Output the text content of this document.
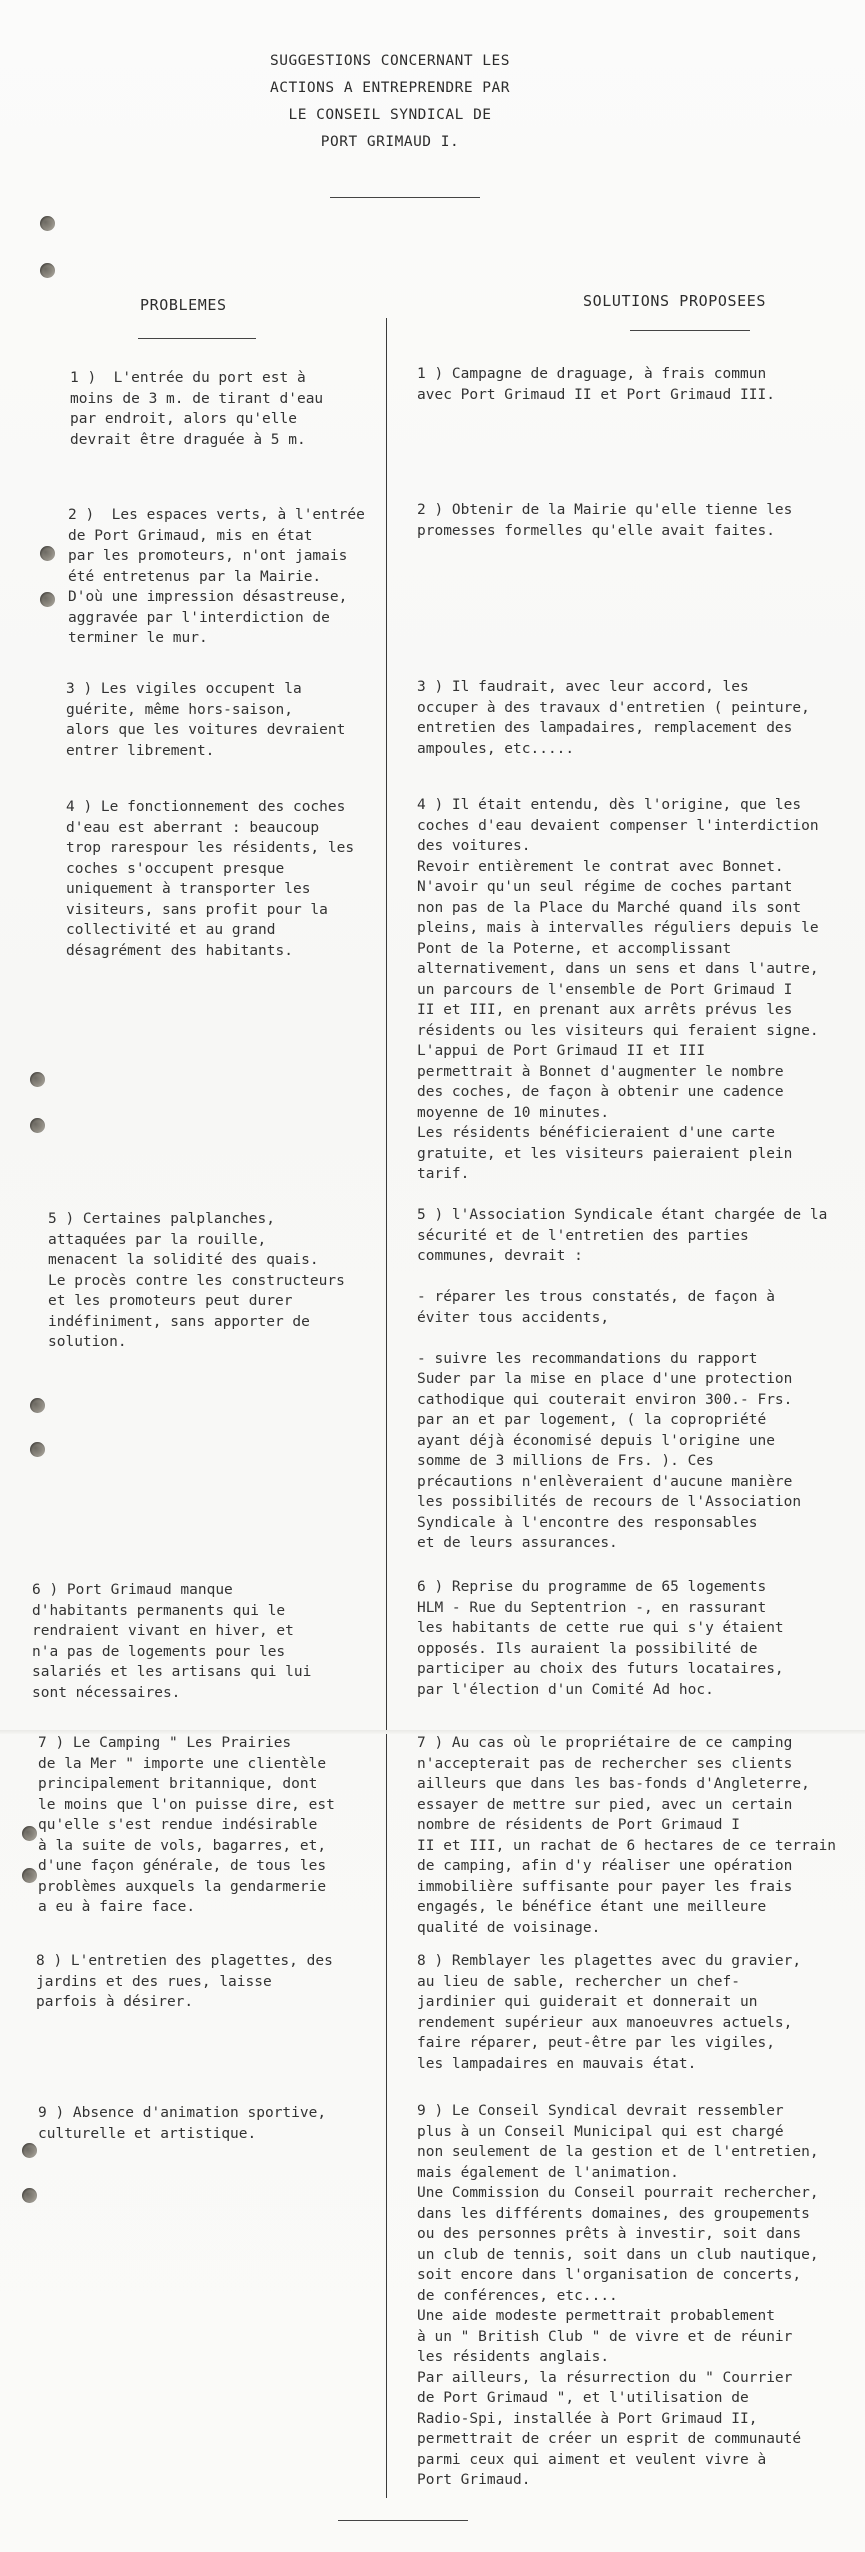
SUGGESTIONS CONCERNANT LES
ACTIONS A ENTREPRENDRE PAR
LE CONSEIL SYNDICAL DE
PORT GRIMAUD I.
PROBLEMES	SOLUTIONS PROPOSEES
1 )  L'entrée du port est à
moins de 3 m. de tirant d'eau
par endroit, alors qu'elle
devrait être draguée à 5 m.
1 ) Campagne de draguage, à frais commun
avec Port Grimaud II et Port Grimaud III.
2 )  Les espaces verts, à l'entrée
de Port Grimaud, mis en état
par les promoteurs, n'ont jamais
été entretenus par la Mairie.
D'où une impression désastreuse,
aggravée par l'interdiction de
terminer le mur.
2 ) Obtenir de la Mairie qu'elle tienne les
promesses formelles qu'elle avait faites.
3 ) Les vigiles occupent la
guérite, même hors-saison,
alors que les voitures devraient
entrer librement.
3 ) Il faudrait, avec leur accord, les
occuper à des travaux d'entretien ( peinture,
entretien des lampadaires, remplacement des
ampoules, etc.....
4 ) Le fonctionnement des coches
d'eau est aberrant : beaucoup
trop rarespour les résidents, les
coches s'occupent presque
uniquement à transporter les
visiteurs, sans profit pour la
collectivité et au grand
désagrément des habitants.
4 ) Il était entendu, dès l'origine, que les
coches d'eau devaient compenser l'interdiction
des voitures.
Revoir entièrement le contrat avec Bonnet.
N'avoir qu'un seul régime de coches partant
non pas de la Place du Marché quand ils sont
pleins, mais à intervalles réguliers depuis le
Pont de la Poterne, et accomplissant
alternativement, dans un sens et dans l'autre,
un parcours de l'ensemble de Port Grimaud I
II et III, en prenant aux arrêts prévus les
résidents ou les visiteurs qui feraient signe.
L'appui de Port Grimaud II et III
permettrait à Bonnet d'augmenter le nombre
des coches, de façon à obtenir une cadence
moyenne de 10 minutes.
Les résidents bénéficieraient d'une carte
gratuite, et les visiteurs paieraient plein
tarif.
5 ) Certaines palplanches,
attaquées par la rouille,
menacent la solidité des quais.
Le procès contre les constructeurs
et les promoteurs peut durer
indéfiniment, sans apporter de
solution.
5 ) l'Association Syndicale étant chargée de la
sécurité et de l'entretien des parties
communes, devrait :

- réparer les trous constatés, de façon à
éviter tous accidents,

- suivre les recommandations du rapport
Suder par la mise en place d'une protection
cathodique qui couterait environ 300.- Frs.
par an et par logement, ( la copropriété
ayant déjà économisé depuis l'origine une
somme de 3 millions de Frs. ). Ces
précautions n'enlèveraient d'aucune manière
les possibilités de recours de l'Association
Syndicale à l'encontre des responsables
et de leurs assurances.
6 ) Port Grimaud manque
d'habitants permanents qui le
rendraient vivant en hiver, et
n'a pas de logements pour les
salariés et les artisans qui lui
sont nécessaires.
6 ) Reprise du programme de 65 logements
HLM - Rue du Septentrion -, en rassurant
les habitants de cette rue qui s'y étaient
opposés. Ils auraient la possibilité de
participer au choix des futurs locataires,
par l'élection d'un Comité Ad hoc.
7 ) Le Camping " Les Prairies
de la Mer " importe une clientèle
principalement britannique, dont
le moins que l'on puisse dire, est
qu'elle s'est rendue indésirable
à la suite de vols, bagarres, et,
d'une façon générale, de tous les
problèmes auxquels la gendarmerie
a eu à faire face.
7 ) Au cas où le propriétaire de ce camping
n'accepterait pas de rechercher ses clients
ailleurs que dans les bas-fonds d'Angleterre,
essayer de mettre sur pied, avec un certain
nombre de résidents de Port Grimaud I
II et III, un rachat de 6 hectares de ce terrain
de camping, afin d'y réaliser une opération
immobilière suffisante pour payer les frais
engagés, le bénéfice étant une meilleure
qualité de voisinage.
8 ) L'entretien des plagettes, des
jardins et des rues, laisse
parfois à désirer.
8 ) Remblayer les plagettes avec du gravier,
au lieu de sable, rechercher un chef-
jardinier qui guiderait et donnerait un
rendement supérieur aux manoeuvres actuels,
faire réparer, peut-être par les vigiles,
les lampadaires en mauvais état.
9 ) Absence d'animation sportive,
culturelle et artistique.
9 ) Le Conseil Syndical devrait ressembler
plus à un Conseil Municipal qui est chargé
non seulement de la gestion et de l'entretien,
mais également de l'animation.
Une Commission du Conseil pourrait rechercher,
dans les différents domaines, des groupements
ou des personnes prêts à investir, soit dans
un club de tennis, soit dans un club nautique,
soit encore dans l'organisation de concerts,
de conférences, etc....
Une aide modeste permettrait probablement
à un " British Club " de vivre et de réunir
les résidents anglais.
Par ailleurs, la résurrection du " Courrier
de Port Grimaud ", et l'utilisation de
Radio-Spi, installée à Port Grimaud II,
permettrait de créer un esprit de communauté
parmi ceux qui aiment et veulent vivre à
Port Grimaud.
